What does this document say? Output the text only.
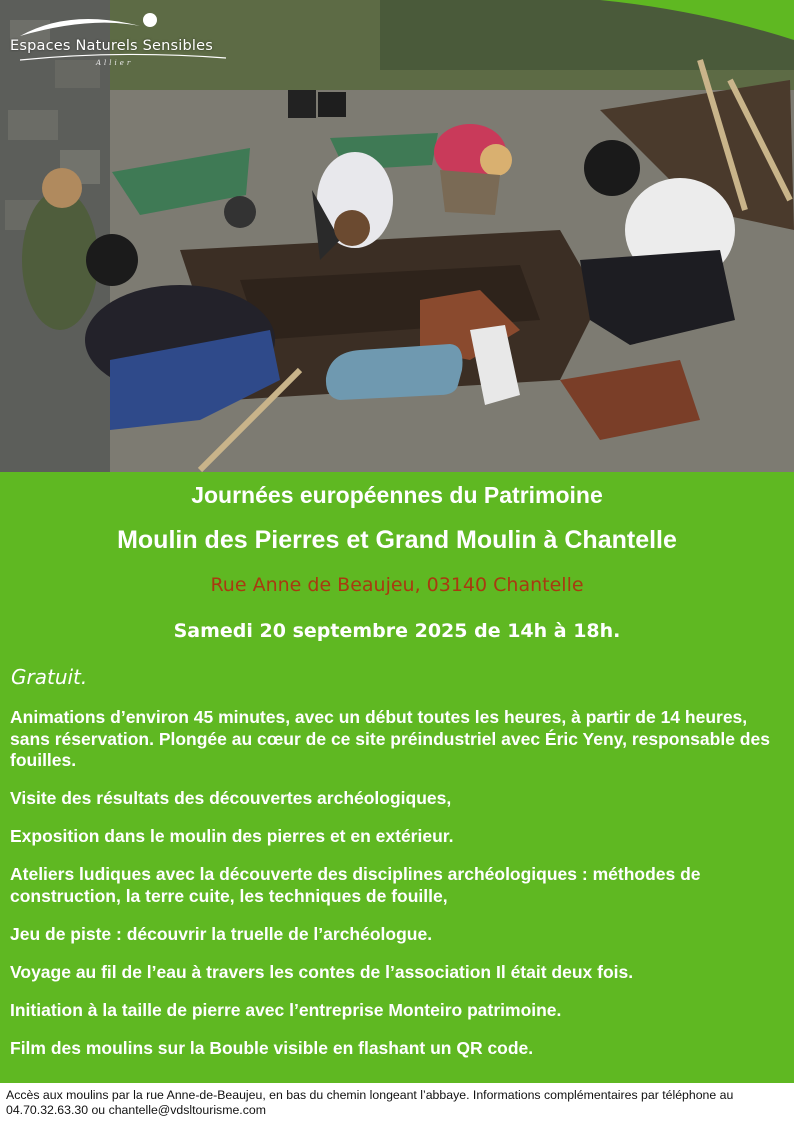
Espaces Naturels Sensibles
Allier
Journées européennes du Patrimoine
Moulin des Pierres et Grand Moulin à Chantelle
Rue Anne de Beaujeu, 03140 Chantelle
Samedi 20 septembre 2025 de 14h à 18h.
Gratuit.
Animations d’environ 45 minutes, avec un début toutes les heures, à partir de 14 heures, sans réservation. Plongée au cœur de ce site préindustriel avec Éric Yeny, responsable des fouilles.
Visite des résultats des découvertes archéologiques,
Exposition dans le moulin des pierres et en extérieur.
Ateliers ludiques avec la découverte des disciplines archéologiques : méthodes de construction, la terre cuite, les techniques de fouille,
Jeu de piste : découvrir la truelle de l’archéologue.
Voyage au fil de l’eau à travers les contes de l’association Il était deux fois.
Initiation à la taille de pierre avec l’entreprise Monteiro patrimoine.
Film des moulins sur la Bouble visible en flashant un QR code.
Accès aux moulins par la rue Anne-de-Beaujeu, en bas du chemin longeant l’abbaye. Informations complémentaires par téléphone au 04.70.32.63.30 ou chantelle@vdsltourisme.com
